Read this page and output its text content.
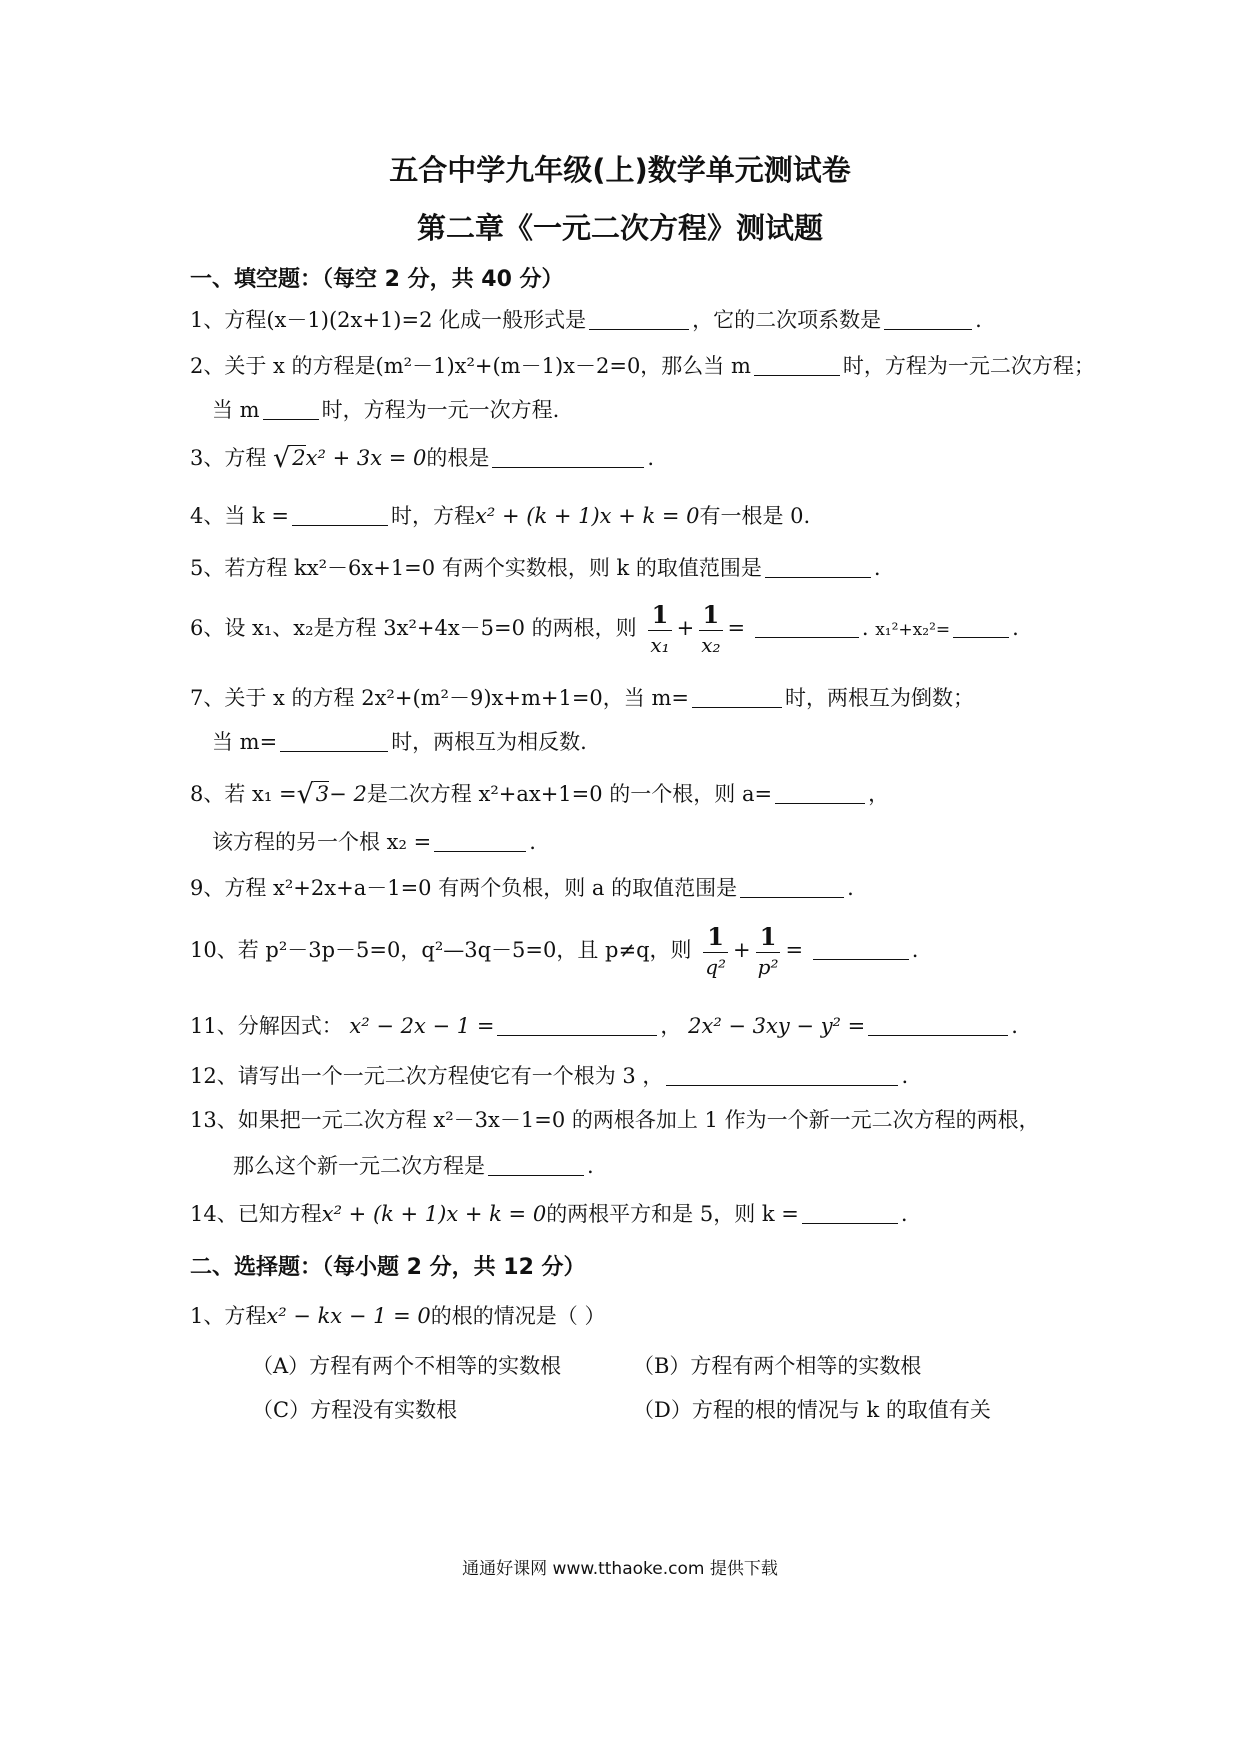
五合中学九年级(上)数学单元测试卷
第二章《一元二次方程》测试题
一、填空题：（每空 2 分，共 40 分）
1、方程(x－1)(2x+1)=2 化成一般形式是	，它的二次项系数是	.
2、关于 x 的方程是(m²－1)x²+(m－1)x－2=0，那么当 m	时，方程为一元二次方程；
当 m	时，方程为一元一次方程.
3、方程 √2x² + 3x = 0的根是	.
4、当 k =	时，方程x² + (k + 1)x + k = 0有一根是 0.
5、若方程 kx²－6x+1=0 有两个实数根，则 k 的取值范围是	.
6、设 x₁、x₂是方程 3x²+4x－5=0 的两根，则 $\frac{1}{\text{x₁}} + \frac{1}{\text{x₂}}$ =	. x₁²+x₂²=	.
7、关于 x 的方程 2x²+(m²－9)x+m+1=0，当 m=	时，两根互为倒数；
当 m=	时，两根互为相反数.
8、若 x₁ =√3− 2是二次方程 x²+ax+1=0 的一个根，则 a=	，
该方程的另一个根 x₂ =	.
9、方程 x²+2x+a－1=0 有两个负根，则 a 的取值范围是	.
10、若 p²－3p－5=0，q²—3q－5=0，且 p≠q，则 $\frac{1}{\text{q²}} + \frac{1}{\text{p²}}$ =	.
11、分解因式： x² − 2x − 1 =	， 2x² − 3xy − y² =	.
12、请写出一个一元二次方程使它有一个根为 3 ，	.
13、如果把一元二次方程 x²－3x－1=0 的两根各加上 1 作为一个新一元二次方程的两根，
那么这个新一元二次方程是	.
14、已知方程x² + (k + 1)x + k = 0的两根平方和是 5，则 k =	.
二、选择题：（每小题 2 分，共 12 分）
1、方程x² − kx − 1 = 0的根的情况是（ ）
（A）方程有两个不相等的实数根	（B）方程有两个相等的实数根
（C）方程没有实数根	（D）方程的根的情况与 k 的取值有关
通通好课网 www.tthaoke.com 提供下载
